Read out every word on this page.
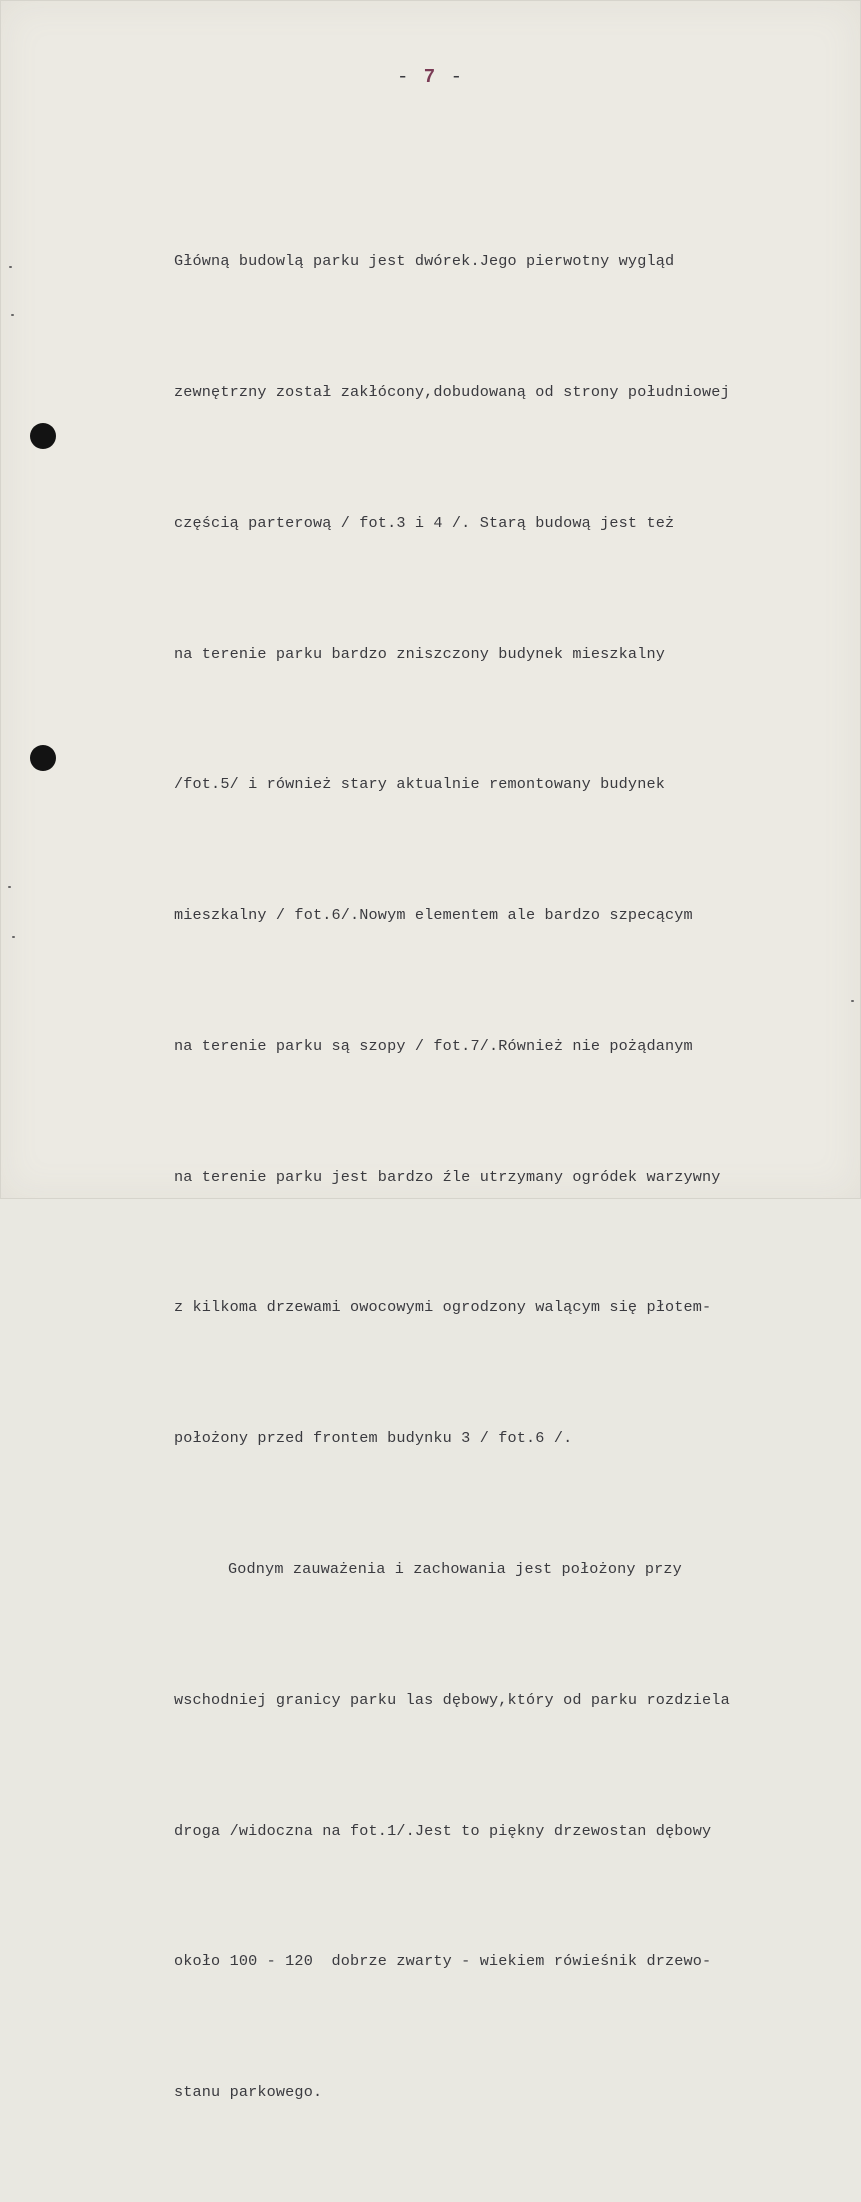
- 7 -

Główną budowlą parku jest dwórek.Jego pierwotny wygląd

zewnętrzny został zakłócony,dobudowaną od strony południowej

częścią parterową / fot.3 i 4 /. Starą budową jest też

na terenie parku bardzo zniszczony budynek mieszkalny

/fot.5/ i również stary aktualnie remontowany budynek

mieszkalny / fot.6/.Nowym elementem ale bardzo szpecącym

na terenie parku są szopy / fot.7/.Również nie pożądanym

na terenie parku jest bardzo źle utrzymany ogródek warzywny

z kilkoma drzewami owocowymi ogrodzony walącym się płotem-

położony przed frontem budynku 3 / fot.6 /.

Godnym zauważenia i zachowania jest położony przy

wschodniej granicy parku las dębowy,który od parku rozdziela

droga /widoczna na fot.1/.Jest to piękny drzewostan dębowy

około 100 - 120  dobrze zwarty - wiekiem rówieśnik drzewo-

stanu parkowego.
